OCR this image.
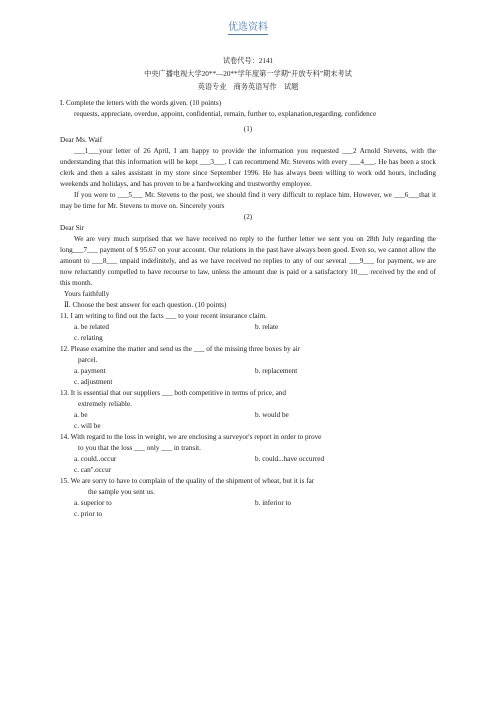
优选资料
试卷代号：2141
中央广播电视大学20**—20**学年度第一学期“开放专科”期末考试
英语专业　商务英语写作　试题

I. Complete the letters with the words given. (10 points)

requests, appreciate, overdue, appoint, confidential, remain, further to, explanation,regarding, confidence

(1)

Dear Ms. Waif

___1___your letter of 26 April, I am happy to provide the information you requested ___2 Arnold Stevens, with the understanding that this information will be kept ___3___. I can recommend Mr. Stevens with every ___4___. He has been a stock clerk and then a sales assistant in my store since September 1996. He has always been willing to work odd hours, including weekends and holidays, and has proven to be a hardworking and trustworthy employee.

If you were to ___5___ Mr. Stevens to the post, we should find it very difficult to replace him. However, we ___6___that it may be time for Mr. Stevens to move on. Sincerely yours

(2)

Dear Sir

We are very much surprised that we have received no reply to the further letter we sent you on 28th July regarding the long___7___ payment of $ 95.67 on your account. Our relations in the past have always been good. Even so, we cannot allow the amount to ___8___ unpaid indefinitely, and as we have received no replies to any of our several ___9___ for payment, we are now reluctantly compelled to have recourse to law, unless the amount due is paid or a satisfactory 10___ received by the end of this month.

Yours faithfully

Ⅱ. Choose the best answer for each question. (10 points)

11. I am writing to find out the facts ___ to your recent insurance claim.

a. be related	b. relate

c. relating

12. Please examine the matter and send us the ___ of the missing three boxes by air

parcel.

a. payment	b. replacement

c. adjustment

13. It is essential that our suppliers ___ both competitive in terms of price, and

extremely reliable.

a. be	b. would be

c. will be

14. With regard to the loss in weight, we are enclosing a surveyor's report in order to prove

to you that the loss ___ only ___ in transit.

a. could..occur	b. could...have occurred

c. can''.occur

15. We are sorry to have to complain of the quality of the shipment of wheat, but it is far

the sample you sent us.

a. superior to	b. inferior to

c. prior to
